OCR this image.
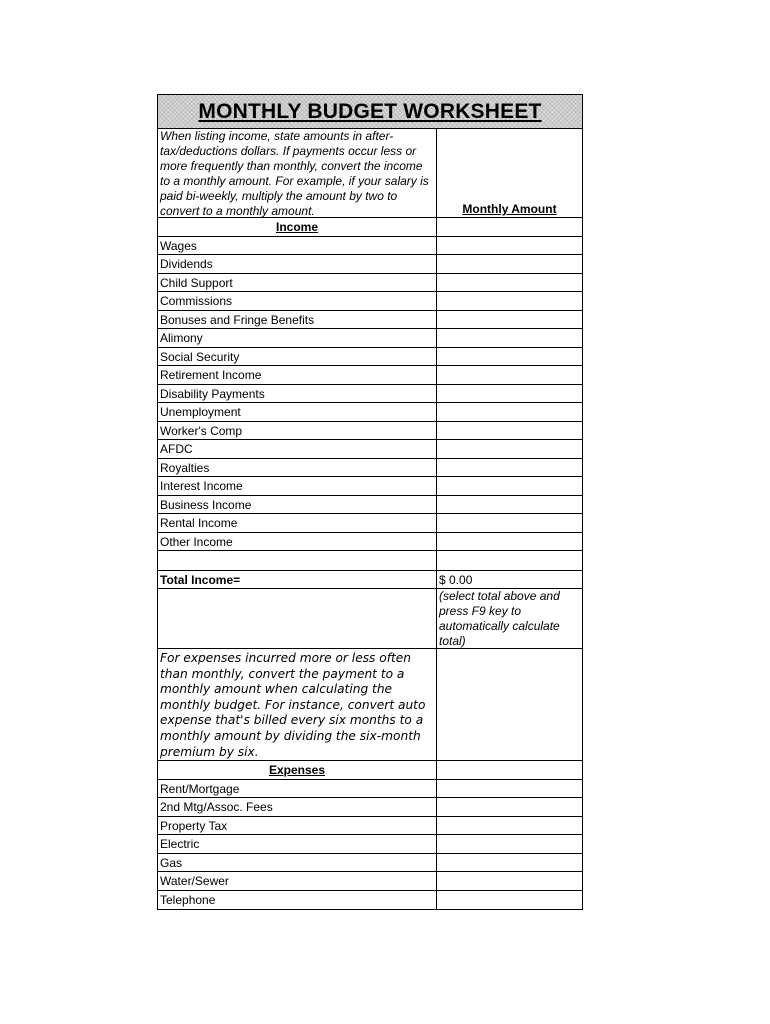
MONTHLY BUDGET WORKSHEET
When listing income, state amounts in after-tax/deductions dollars. If payments occur less or more frequently than monthly, convert the income to a monthly amount. For example, if your salary is paid bi-weekly, multiply the amount by two to convert to a monthly amount.	Monthly Amount
Income
Wages
Dividends
Child Support
Commissions
Bonuses and Fringe Benefits
Alimony
Social Security
Retirement Income
Disability Payments
Unemployment
Worker's Comp
AFDC
Royalties
Interest Income
Business Income
Rental Income
Other Income
Total Income=	$ 0.00
(select total above and press F9 key to automatically calculate total)
For expenses incurred more or less often than monthly, convert the payment to a monthly amount when calculating the monthly budget. For instance, convert auto expense that's billed every six months to a monthly amount by dividing the six-month premium by six.
Expenses
Rent/Mortgage
2nd Mtg/Assoc. Fees
Property Tax
Electric
Gas
Water/Sewer
Telephone
